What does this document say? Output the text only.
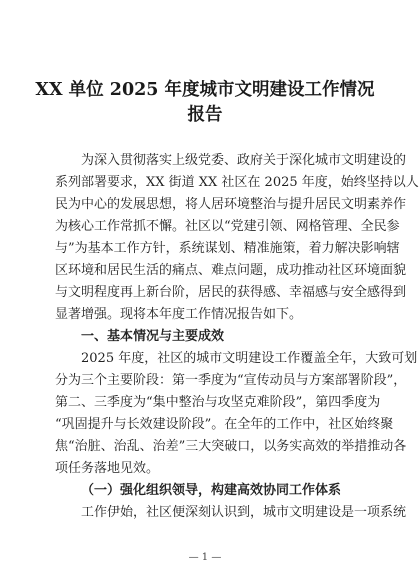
XX 单位 2025 年度城市文明建设工作情况
报告
为深入贯彻落实上级党委、政府关于深化城市文明建设的
系列部署要求，XX 街道 XX 社区在 2025 年度，始终坚持以人
民为中心的发展思想，将人居环境整治与提升居民文明素养作
为核心工作常抓不懈。社区以“党建引领、网格管理、全民参
与”为基本工作方针，系统谋划、精准施策，着力解决影响辖
区环境和居民生活的痛点、难点问题，成功推动社区环境面貌
与文明程度再上新台阶，居民的获得感、幸福感与安全感得到
显著增强。现将本年度工作情况报告如下。
一、基本情况与主要成效
2025 年度，社区的城市文明建设工作覆盖全年，大致可划
分为三个主要阶段：第一季度为“宣传动员与方案部署阶段”，
第二、三季度为“集中整治与攻坚克难阶段”，第四季度为
“巩固提升与长效建设阶段”。在全年的工作中，社区始终聚
焦“治脏、治乱、治差”三大突破口，以务实高效的举措推动各
项任务落地见效。
（一）强化组织领导，构建高效协同工作体系
工作伊始，社区便深刻认识到，城市文明建设是一项系统
— 1 —
